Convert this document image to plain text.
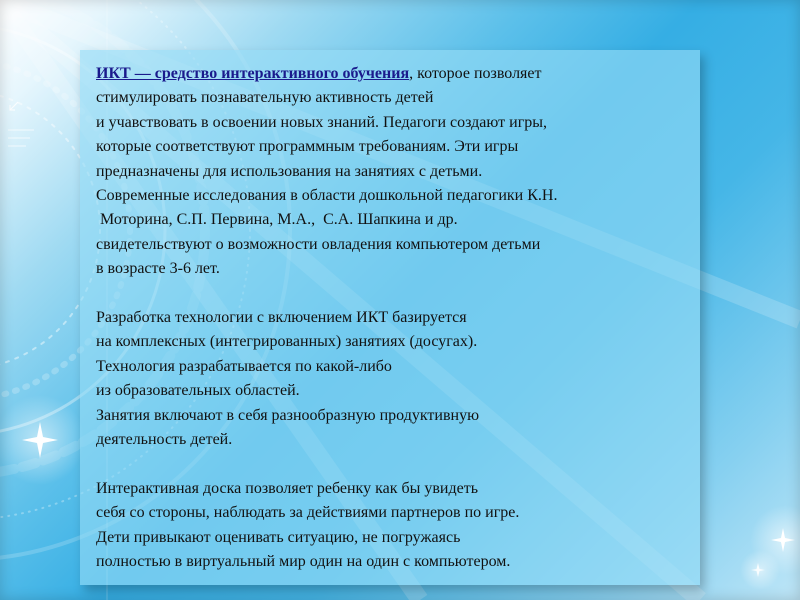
ИКТ — средство интерактивного обучения, которое позволяет
стимулировать познавательную активность детей
и учавствовать в освоении новых знаний. Педагоги создают игры,
которые соответствуют программным требованиям. Эти игры
предназначены для использования на занятиях с детьми.
Современные исследования в области дошкольной педагогики К.Н.
Моторина, С.П. Первина, М.А.,  С.А. Шапкина и др.
свидетельствуют о возможности овладения компьютером детьми
в возрасте 3-6 лет.

Разработка технологии с включением ИКТ базируется
на комплексных (интегрированных) занятиях (досугах).
Технология разрабатывается по какой-либо
из образовательных областей.
Занятия включают в себя разнообразную продуктивную
деятельность детей.

Интерактивная доска позволяет ребенку как бы увидеть
себя со стороны, наблюдать за действиями партнеров по игре.
Дети привыкают оценивать ситуацию, не погружаясь
полностью в виртуальный мир один на один с компьютером.
